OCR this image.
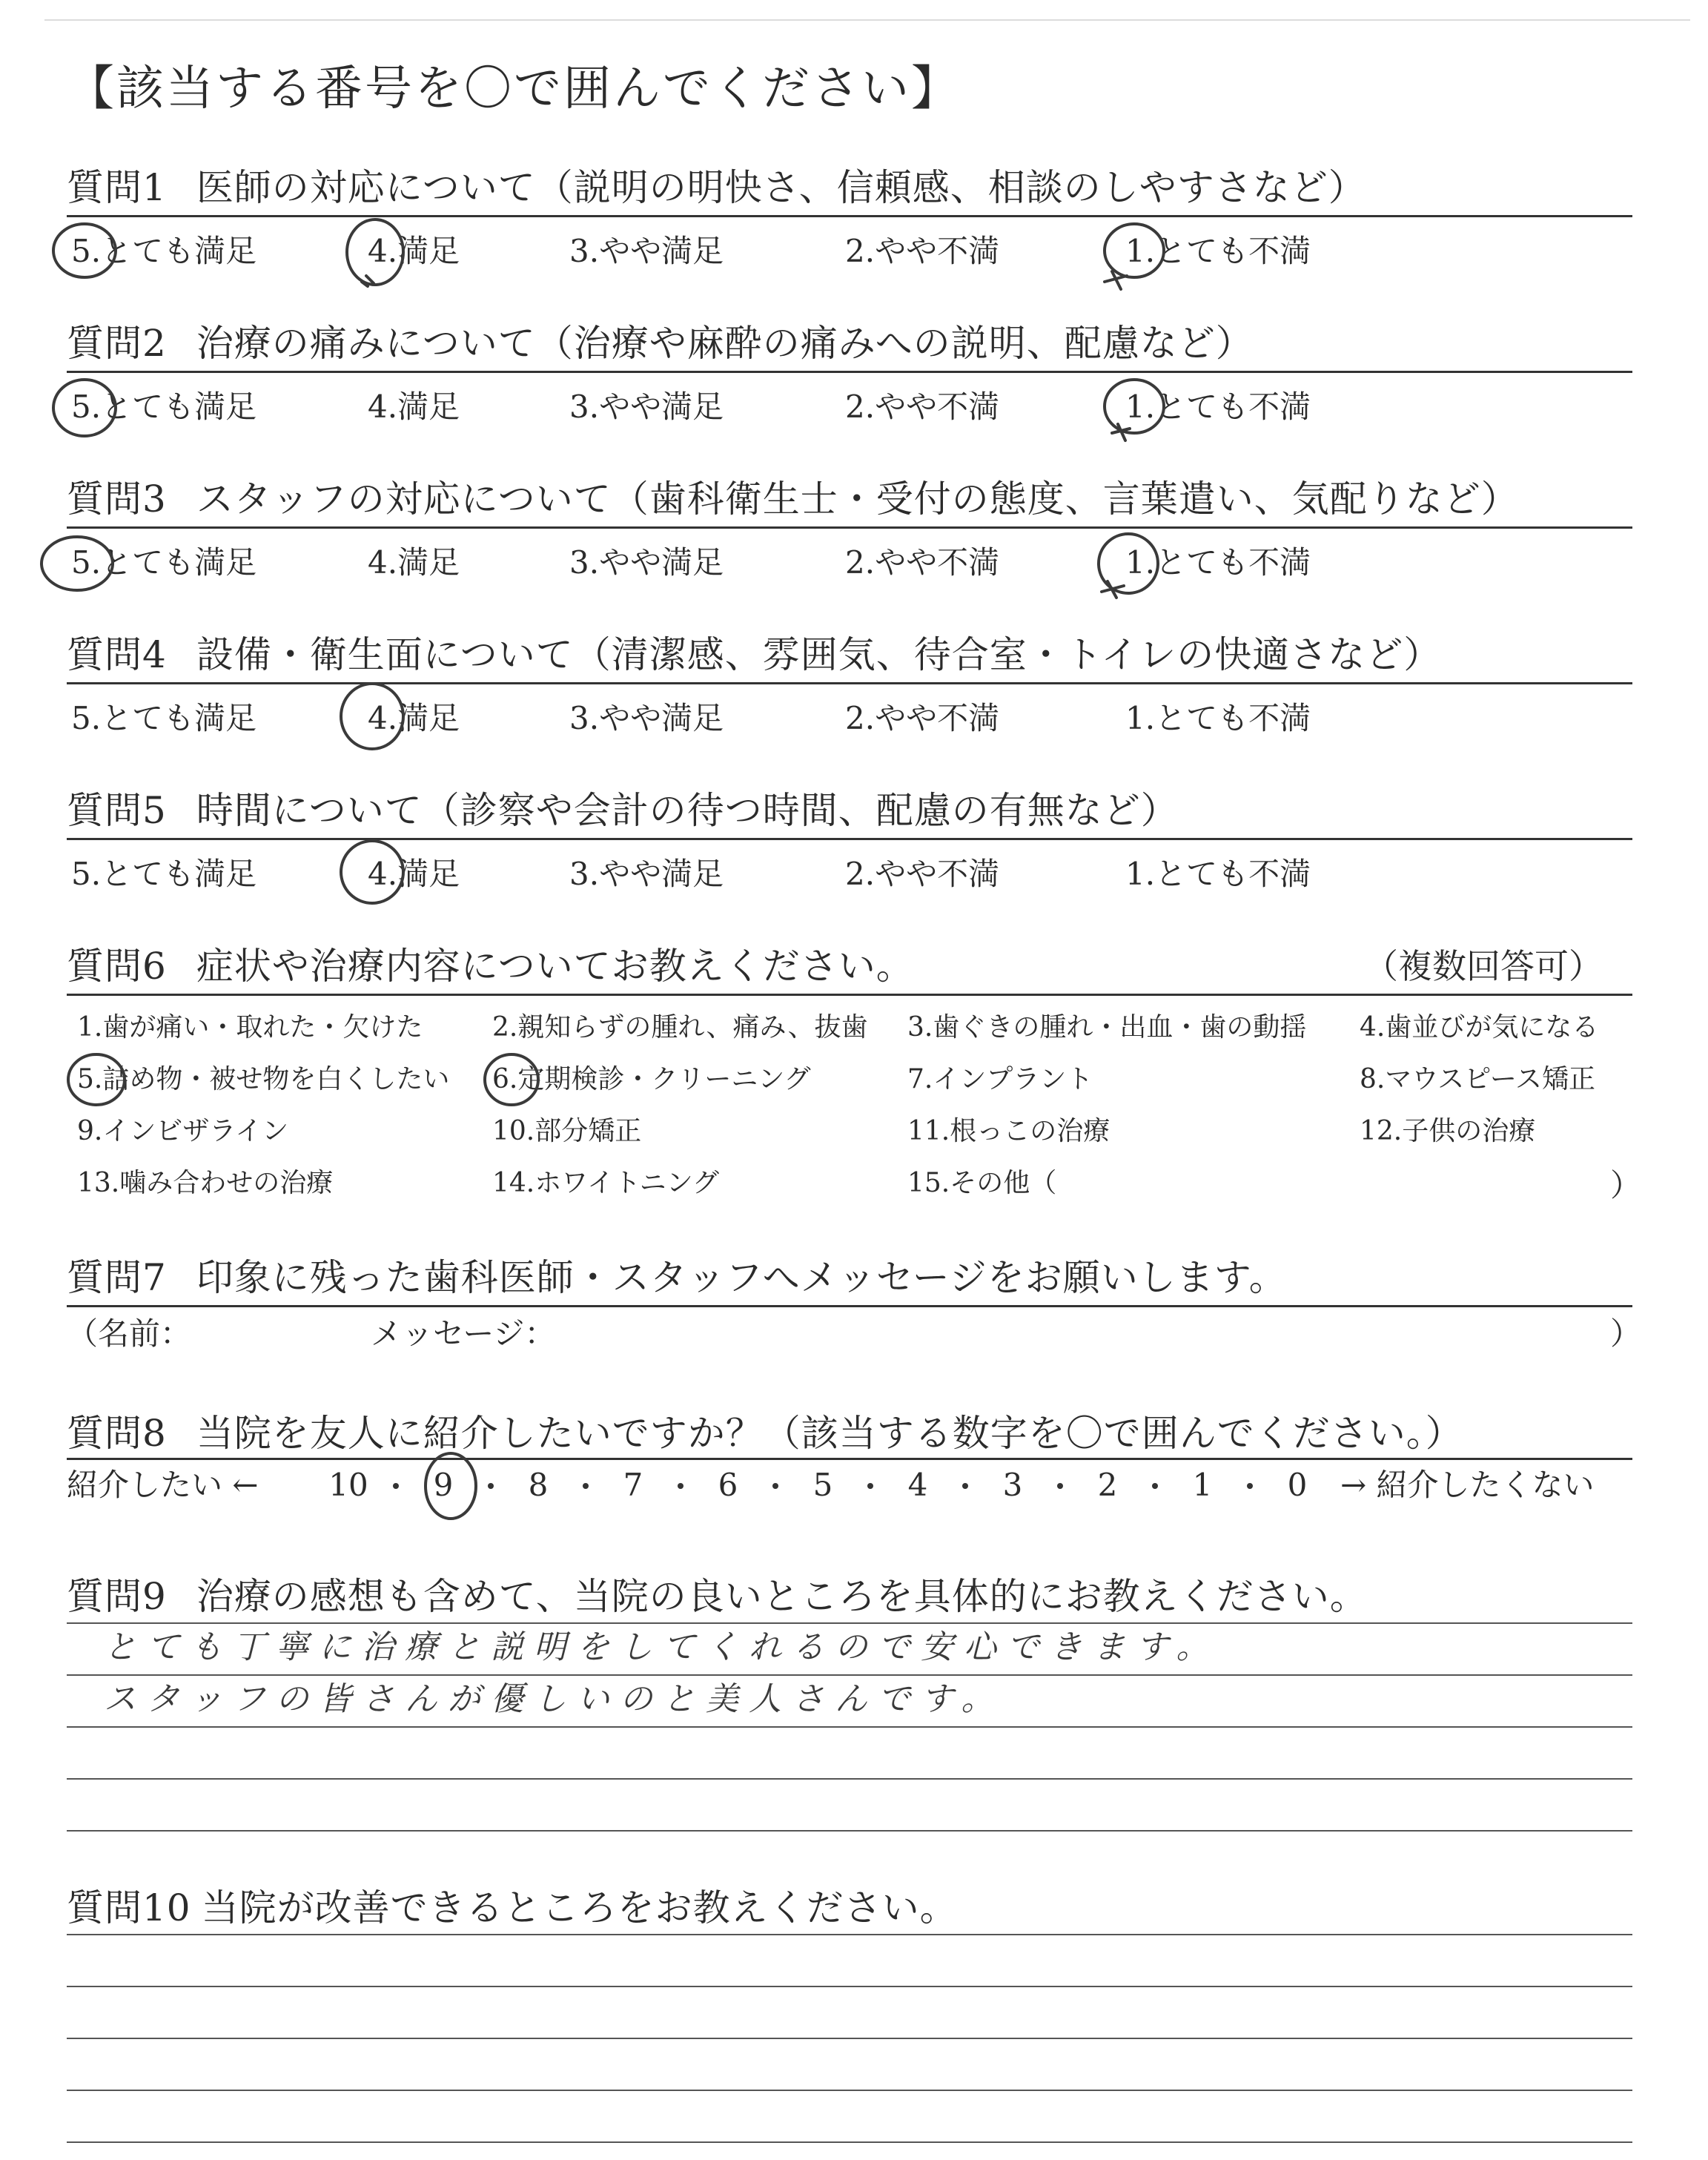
【該当する番号を〇で囲んでください】
質問1 医師の対応について（説明の明快さ、信頼感、相談のしやすさなど）
5.とても満足	4.満足	3.やや満足	2.やや不満	1.とても不満
質問2 治療の痛みについて（治療や麻酔の痛みへの説明、配慮など）
5.とても満足	4.満足	3.やや満足	2.やや不満	1.とても不満
質問3 スタッフの対応について（歯科衛生士・受付の態度、言葉遣い、気配りなど）
5.とても満足	4.満足	3.やや満足	2.やや不満	1.とても不満
質問4 設備・衛生面について（清潔感、雰囲気、待合室・トイレの快適さなど）
5.とても満足	4.満足	3.やや満足	2.やや不満	1.とても不満
質問5 時間について（診察や会計の待つ時間、配慮の有無など）
5.とても満足	4.満足	3.やや満足	2.やや不満	1.とても不満
質問6 症状や治療内容についてお教えください。	（複数回答可）
1.歯が痛い・取れた・欠けた	2.親知らずの腫れ、痛み、抜歯 3.歯ぐきの腫れ・出血・歯の動揺 4.歯並びが気になる
5.詰め物・被せ物を白くしたい 6.定期検診・クリーニング	7.インプラント	8.マウスピース矯正
9.インビザライン	10.部分矯正	11.根っこの治療	12.子供の治療
13.噛み合わせの治療	14.ホワイトニング	15.その他（	）
質問7 印象に残った歯科医師・スタッフへメッセージをお願いします。
（名前：	メッセージ：	）
質問8 当院を友人に紹介したいですか？（該当する数字を〇で囲んでください。）
紹介したい ←	→ 紹介したくない
10	9	8	7	6	5	4	3	2	1	0
質問9 治療の感想も含めて、当院の良いところを具体的にお教えください。
とても丁寧に治療と説明をしてくれるので安心できます。
スタッフの皆さんが優しいのと美人さんです。
質問10 当院が改善できるところをお教えください。
